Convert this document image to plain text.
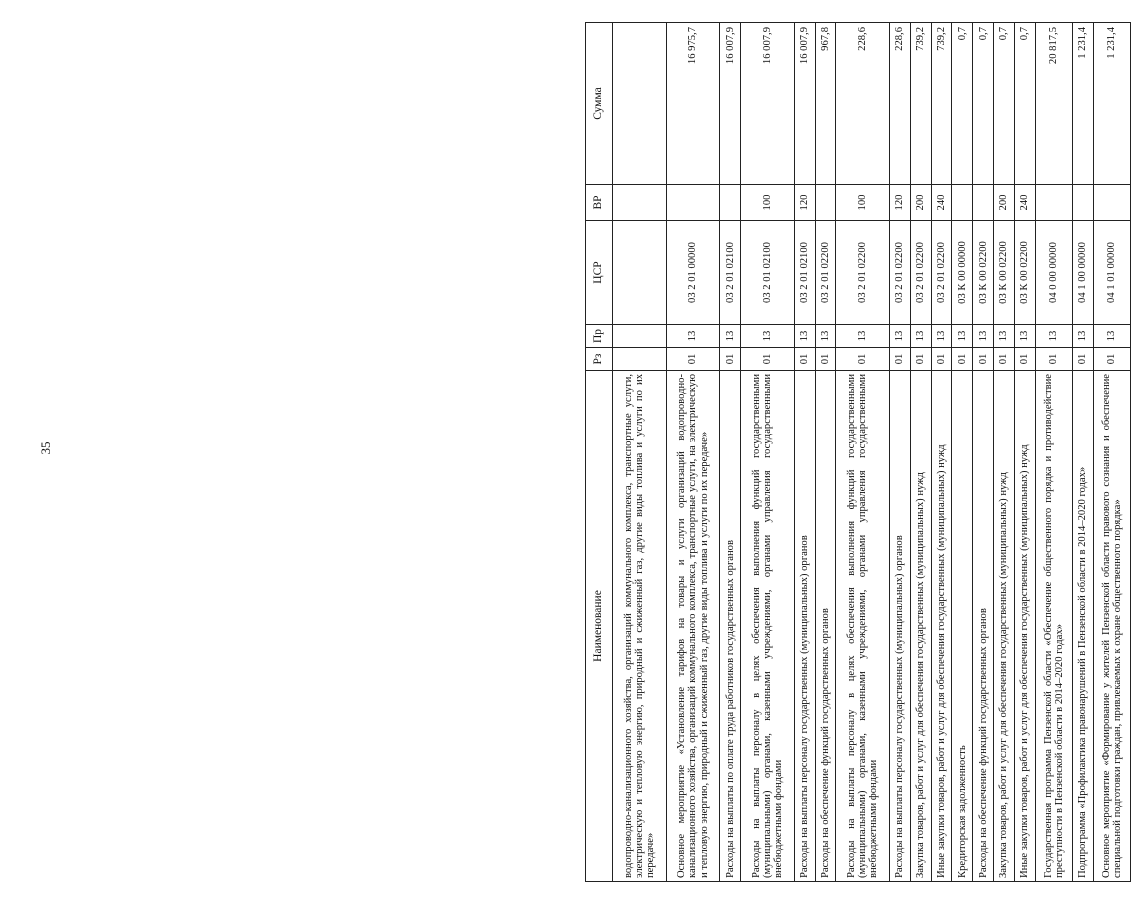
35
Наименование	Рз	Пр	ЦСР	ВР	Сумма
водопроводно-канализационного хозяйства, организаций коммунального комплекса, транспортные услуги, электрическую и тепловую энергию, природный и сжиженный газ, другие виды топлива и услуги по их передаче»					
Основное мероприятие «Установление тарифов на товары и услуги организаций водопроводно-канализационного хозяйства, организаций коммунального комплекса, транспортные услуги, на электрическую и тепловую энергию, природный и сжиженный газ, другие виды топлива и услуги по их передаче»	01	13	03 2 01 00000		16 975,7
Расходы на выплаты по оплате труда работников государственных органов	01	13	03 2 01 02100		16 007,9
Расходы на выплаты персоналу в целях обеспечения выполнения функций государственными (муниципальными) органами, казенными учреждениями, органами управления государственными внебюджетными фондами	01	13	03 2 01 02100	100	16 007,9
Расходы на выплаты персоналу государственных (муниципальных) органов	01	13	03 2 01 02100	120	16 007,9
Расходы на обеспечение функций государственных органов	01	13	03 2 01 02200		967,8
Расходы на выплаты персоналу в целях обеспечения выполнения функций государственными (муниципальными) органами, казенными учреждениями, органами управления государственными внебюджетными фондами	01	13	03 2 01 02200	100	228,6
Расходы на выплаты персоналу государственных (муниципальных) органов	01	13	03 2 01 02200	120	228,6
Закупка товаров, работ и услуг для обеспечения государственных (муниципальных) нужд	01	13	03 2 01 02200	200	739,2
Иные закупки товаров, работ и услуг для обеспечения государственных (муниципальных) нужд	01	13	03 2 01 02200	240	739,2
Кредиторская задолженность	01	13	03 К 00 00000		0,7
Расходы на обеспечение функций государственных органов	01	13	03 К 00 02200		0,7
Закупка товаров, работ и услуг для обеспечения государственных (муниципальных) нужд	01	13	03 К 00 02200	200	0,7
Иные закупки товаров, работ и услуг для обеспечения государственных (муниципальных) нужд	01	13	03 К 00 02200	240	0,7
Государственная программа Пензенской области «Обеспечение общественного порядка и противодействие преступности в Пензенской области в 2014–2020 годах»	01	13	04 0 00 00000		20 817,5
Подпрограмма «Профилактика правонарушений в Пензенской области в 2014–2020 годах»	01	13	04 1 00 00000		1 231,4
Основное мероприятие «Формирование у жителей Пензенской области правового сознания и обеспечение специальной подготовки граждан, привлекаемых к охране общественного порядка»	01	13	04 1 01 00000		1 231,4
